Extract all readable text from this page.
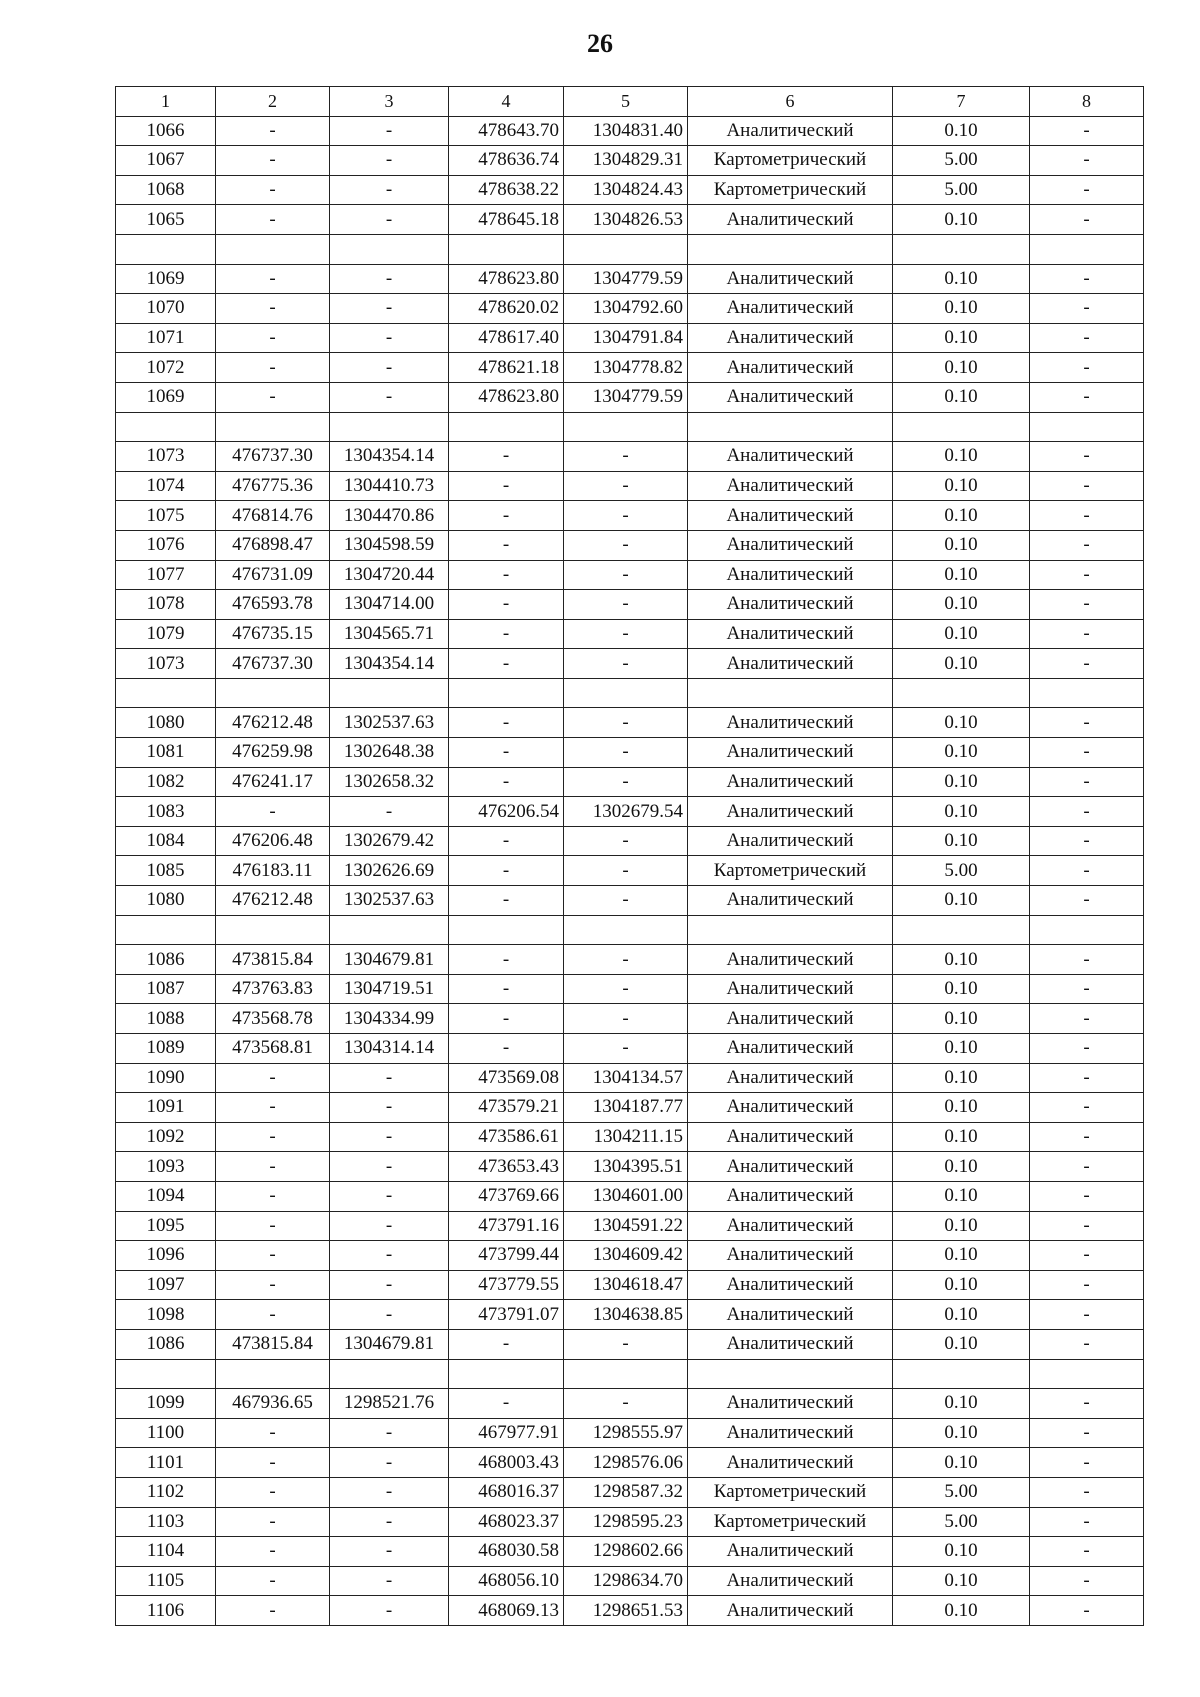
26
1	2	3	4	5	6	7	8
1066	-	-	478643.70	1304831.40	Аналитический	0.10	-
1067	-	-	478636.74	1304829.31	Картометрический	5.00	-
1068	-	-	478638.22	1304824.43	Картометрический	5.00	-
1065	-	-	478645.18	1304826.53	Аналитический	0.10	-

1069	-	-	478623.80	1304779.59	Аналитический	0.10	-
1070	-	-	478620.02	1304792.60	Аналитический	0.10	-
1071	-	-	478617.40	1304791.84	Аналитический	0.10	-
1072	-	-	478621.18	1304778.82	Аналитический	0.10	-
1069	-	-	478623.80	1304779.59	Аналитический	0.10	-

1073	476737.30	1304354.14	-	-	Аналитический	0.10	-
1074	476775.36	1304410.73	-	-	Аналитический	0.10	-
1075	476814.76	1304470.86	-	-	Аналитический	0.10	-
1076	476898.47	1304598.59	-	-	Аналитический	0.10	-
1077	476731.09	1304720.44	-	-	Аналитический	0.10	-
1078	476593.78	1304714.00	-	-	Аналитический	0.10	-
1079	476735.15	1304565.71	-	-	Аналитический	0.10	-
1073	476737.30	1304354.14	-	-	Аналитический	0.10	-

1080	476212.48	1302537.63	-	-	Аналитический	0.10	-
1081	476259.98	1302648.38	-	-	Аналитический	0.10	-
1082	476241.17	1302658.32	-	-	Аналитический	0.10	-
1083	-	-	476206.54	1302679.54	Аналитический	0.10	-
1084	476206.48	1302679.42	-	-	Аналитический	0.10	-
1085	476183.11	1302626.69	-	-	Картометрический	5.00	-
1080	476212.48	1302537.63	-	-	Аналитический	0.10	-

1086	473815.84	1304679.81	-	-	Аналитический	0.10	-
1087	473763.83	1304719.51	-	-	Аналитический	0.10	-
1088	473568.78	1304334.99	-	-	Аналитический	0.10	-
1089	473568.81	1304314.14	-	-	Аналитический	0.10	-
1090	-	-	473569.08	1304134.57	Аналитический	0.10	-
1091	-	-	473579.21	1304187.77	Аналитический	0.10	-
1092	-	-	473586.61	1304211.15	Аналитический	0.10	-
1093	-	-	473653.43	1304395.51	Аналитический	0.10	-
1094	-	-	473769.66	1304601.00	Аналитический	0.10	-
1095	-	-	473791.16	1304591.22	Аналитический	0.10	-
1096	-	-	473799.44	1304609.42	Аналитический	0.10	-
1097	-	-	473779.55	1304618.47	Аналитический	0.10	-
1098	-	-	473791.07	1304638.85	Аналитический	0.10	-
1086	473815.84	1304679.81	-	-	Аналитический	0.10	-

1099	467936.65	1298521.76	-	-	Аналитический	0.10	-
1100	-	-	467977.91	1298555.97	Аналитический	0.10	-
1101	-	-	468003.43	1298576.06	Аналитический	0.10	-
1102	-	-	468016.37	1298587.32	Картометрический	5.00	-
1103	-	-	468023.37	1298595.23	Картометрический	5.00	-
1104	-	-	468030.58	1298602.66	Аналитический	0.10	-
1105	-	-	468056.10	1298634.70	Аналитический	0.10	-
1106	-	-	468069.13	1298651.53	Аналитический	0.10	-
